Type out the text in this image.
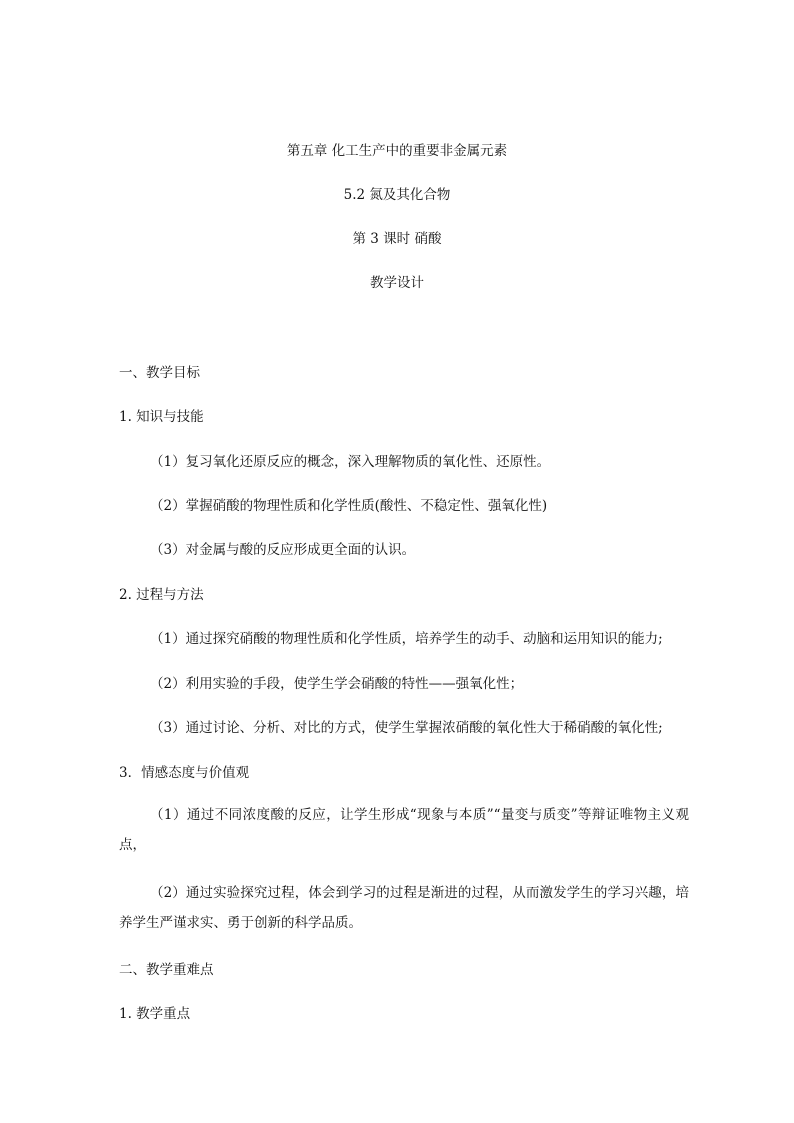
第五章 化工生产中的重要非金属元素
5.2 氮及其化合物
第 3 课时 硝酸
教学设计
一、教学目标
1. 知识与技能
（1）复习氧化还原反应的概念，深入理解物质的氧化性、还原性。
（2）掌握硝酸的物理性质和化学性质(酸性、不稳定性、强氧化性)
（3）对金属与酸的反应形成更全面的认识。
2. 过程与方法
（1）通过探究硝酸的物理性质和化学性质，培养学生的动手、动脑和运用知识的能力;
（2）利用实验的手段，使学生学会硝酸的特性——强氧化性；
（3）通过讨论、分析、对比的方式，使学生掌握浓硝酸的氧化性大于稀硝酸的氧化性;
3．情感态度与价值观
（1）通过不同浓度酸的反应，让学生形成“现象与本质”“量变与质变”等辩证唯物主义观点，
（2）通过实验探究过程，体会到学习的过程是渐进的过程，从而激发学生的学习兴趣，培养学生严谨求实、勇于创新的科学品质。
二、教学重难点
1. 教学重点
